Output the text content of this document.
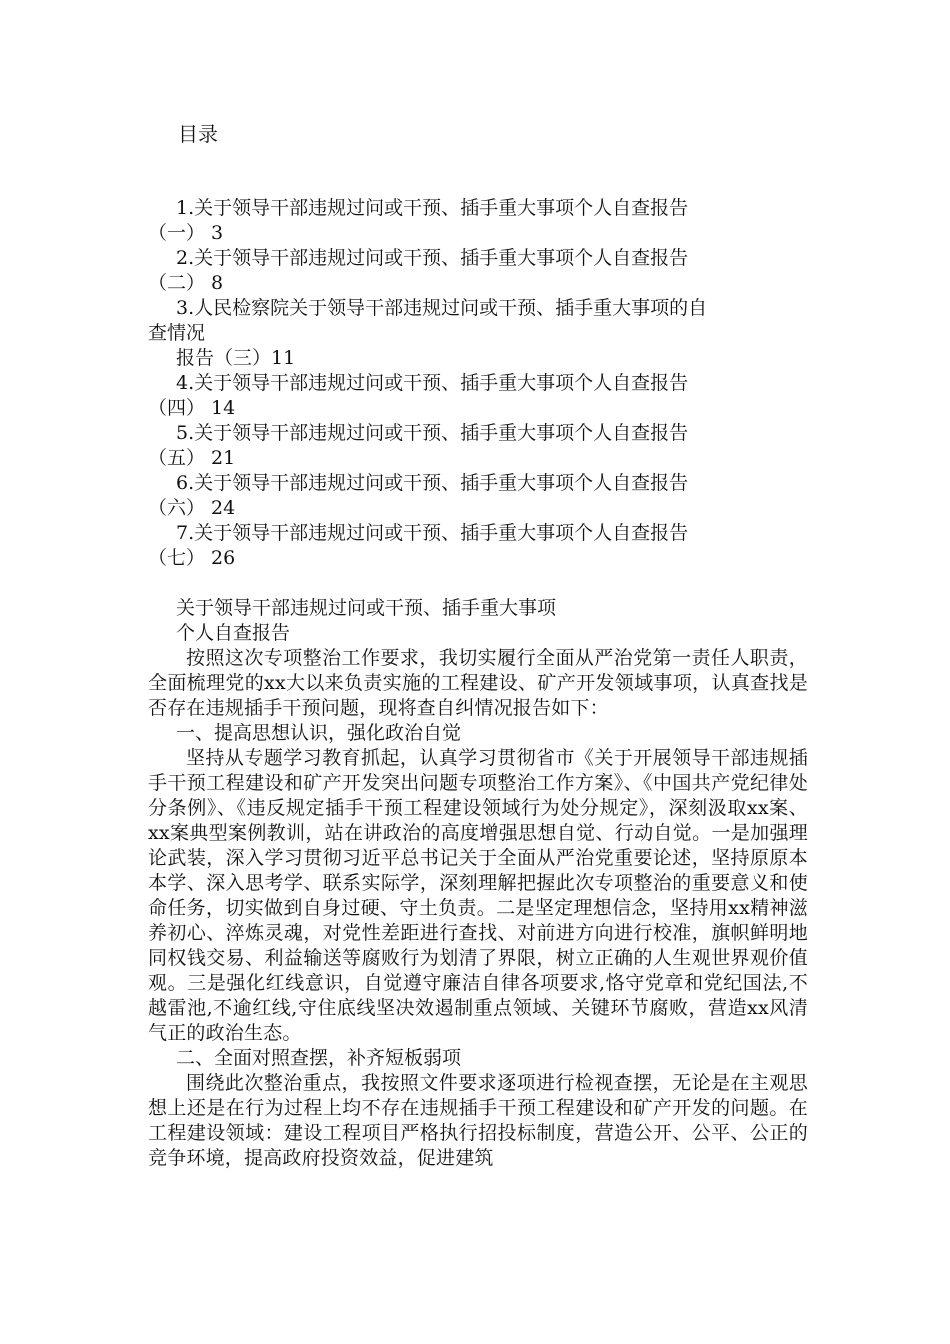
目录
1.关于领导干部违规过问或干预、插手重大事项个人自查报告
（一） 3
2.关于领导干部违规过问或干预、插手重大事项个人自查报告
（二） 8
3.人民检察院关于领导干部违规过问或干预、插手重大事项的自
查情况
报告（三）11
4.关于领导干部违规过问或干预、插手重大事项个人自查报告
（四） 14
5.关于领导干部违规过问或干预、插手重大事项个人自查报告
（五） 21
6.关于领导干部违规过问或干预、插手重大事项个人自查报告
（六） 24
7.关于领导干部违规过问或干预、插手重大事项个人自查报告
（七） 26

关于领导干部违规过问或干预、插手重大事项

个人自查报告

按照这次专项整治工作要求，我切实履行全面从严治党第一责任人职责，全面梳理党的xx大以来负责实施的工程建设、矿产开发领域事项，认真查找是否存在违规插手干预问题，现将查自纠情况报告如下：

一、提高思想认识，强化政治自觉

坚持从专题学习教育抓起，认真学习贯彻省市《关于开展领导干部违规插手干预工程建设和矿产开发突出问题专项整治工作方案》、《中国共产党纪律处分条例》、《违反规定插手干预工程建设领域行为处分规定》，深刻汲取xx案、xx案典型案例教训，站在讲政治的高度增强思想自觉、行动自觉。一是加强理论武装，深入学习贯彻习近平总书记关于全面从严治党重要论述，坚持原原本本学、深入思考学、联系实际学，深刻理解把握此次专项整治的重要意义和使命任务，切实做到自身过硬、守土负责。二是坚定理想信念，坚持用xx精神滋养初心、淬炼灵魂，对党性差距进行查找、对前进方向进行校准，旗帜鲜明地同权钱交易、利益输送等腐败行为划清了界限，树立正确的人生观世界观价值观。三是强化红线意识，自觉遵守廉洁自律各项要求,恪守党章和党纪国法,不越雷池,不逾红线,守住底线坚决效遏制重点领域、关键环节腐败，营造xx风清气正的政治生态。

二、全面对照查摆，补齐短板弱项

围绕此次整治重点，我按照文件要求逐项进行检视查摆，无论是在主观思想上还是在行为过程上均不存在违规插手干预工程建设和矿产开发的问题。在工程建设领域：建设工程项目严格执行招投标制度，营造公开、公平、公正的竞争环境，提高政府投资效益，促进建筑
